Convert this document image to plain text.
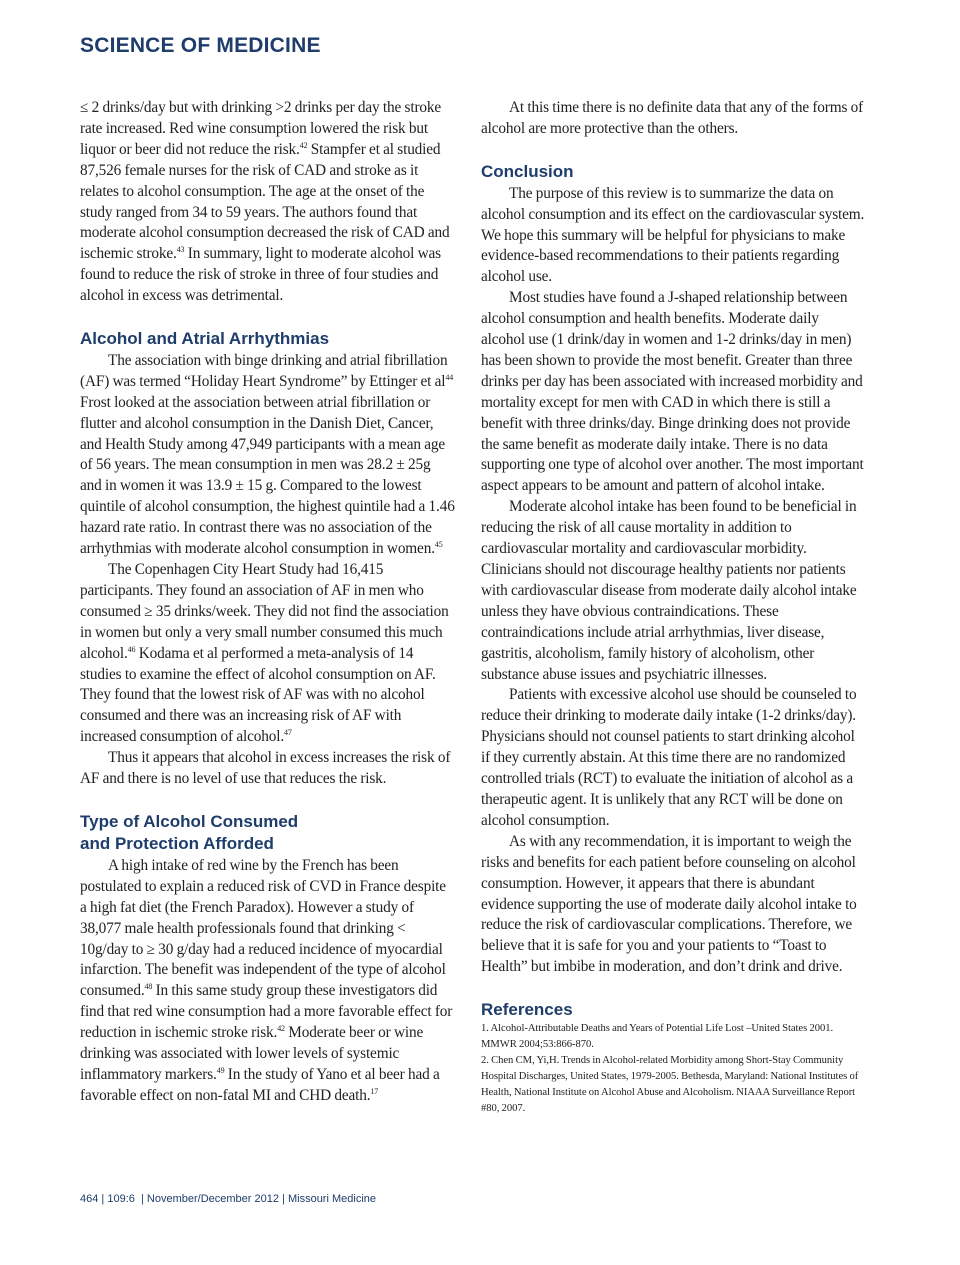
SCIENCE OF MEDICINE

≤ 2 drinks/day but with drinking >2 drinks per day the stroke rate increased. Red wine consumption lowered the risk but liquor or beer did not reduce the risk.$^{42}$ Stampfer et al studied 87,526 female nurses for the risk of CAD and stroke as it relates to alcohol consumption. The age at the onset of the study ranged from 34 to 59 years. The authors found that moderate alcohol consumption decreased the risk of CAD and ischemic stroke.$^{43}$ In summary, light to moderate alcohol was found to reduce the risk of stroke in three of four studies and alcohol in excess was detrimental.

Alcohol and Atrial Arrhythmias

The association with binge drinking and atrial fibrillation (AF) was termed “Holiday Heart Syndrome” by Ettinger et $al^{44}$ Frost looked at the association between atrial fibrillation or flutter and alcohol consumption in the Danish Diet, Cancer, and Health Study among 47,949 participants with a mean age of 56 years. The mean consumption in men was 28.2 ± 25g and in women it was 13.9 ± 15 g. Compared to the lowest quintile of alcohol consumption, the highest quintile had a 1.46 hazard rate ratio. In contrast there was no association of the arrhythmias with moderate alcohol consumption in women.$^{45}$

The Copenhagen City Heart Study had 16,415 participants. They found an association of AF in men who consumed ≥ 35 drinks/week. They did not find the association in women but only a very small number consumed this much alcohol.$^{46}$ Kodama et al performed a meta-analysis of 14 studies to examine the effect of alcohol consumption on AF. They found that the lowest risk of AF was with no alcohol consumed and there was an increasing risk of AF with increased consumption of alcohol.$^{47}$

Thus it appears that alcohol in excess increases the risk of AF and there is no level of use that reduces the risk.

Type of Alcohol Consumed
and Protection Afforded

A high intake of red wine by the French has been postulated to explain a reduced risk of CVD in France despite a high fat diet (the French Paradox). However a study of 38,077 male health professionals found that drinking < 10g/day to ≥ 30 g/day had a reduced incidence of myocardial infarction. The benefit was independent of the type of alcohol consumed.$^{48}$ In this same study group these investigators did find that red wine consumption had a more favorable effect for reduction in ischemic stroke risk.$^{42}$ Moderate beer or wine drinking was associated with lower levels of systemic inflammatory markers.$^{49}$ In the study of Yano et al beer had a favorable effect on non-fatal MI and CHD death.$^{17}$

At this time there is no definite data that any of the forms of alcohol are more protective than the others.

Conclusion

The purpose of this review is to summarize the data on alcohol consumption and its effect on the cardiovascular system. We hope this summary will be helpful for physicians to make evidence-based recommendations to their patients regarding alcohol use.

Most studies have found a J-shaped relationship between alcohol consumption and health benefits. Moderate daily alcohol use (1 drink/day in women and 1-2 drinks/day in men) has been shown to provide the most benefit. Greater than three drinks per day has been associated with increased morbidity and mortality except for men with CAD in which there is still a benefit with three drinks/day. Binge drinking does not provide the same benefit as moderate daily intake. There is no data supporting one type of alcohol over another. The most important aspect appears to be amount and pattern of alcohol intake.

Moderate alcohol intake has been found to be beneficial in reducing the risk of all cause mortality in addition to cardiovascular mortality and cardiovascular morbidity. Clinicians should not discourage healthy patients nor patients with cardiovascular disease from moderate daily alcohol intake unless they have obvious contraindications. These contraindications include atrial arrhythmias, liver disease, gastritis, alcoholism, family history of alcoholism, other substance abuse issues and psychiatric illnesses.

Patients with excessive alcohol use should be counseled to reduce their drinking to moderate daily intake (1-2 drinks/day). Physicians should not counsel patients to start drinking alcohol if they currently abstain. At this time there are no randomized controlled trials (RCT) to evaluate the initiation of alcohol as a therapeutic agent. It is unlikely that any RCT will be done on alcohol consumption.

As with any recommendation, it is important to weigh the risks and benefits for each patient before counseling on alcohol consumption. However, it appears that there is abundant evidence supporting the use of moderate daily alcohol intake to reduce the risk of cardiovascular complications. Therefore, we believe that it is safe for you and your patients to “Toast to Health” but imbibe in moderation, and don’t drink and drive.

References

1. Alcohol-Attributable Deaths and Years of Potential Life Lost –United States 2001. MMWR 2004;53:866-870.

2. Chen CM, Yi,H. Trends in Alcohol-related Morbidity among Short-Stay Community Hospital Discharges, United States, 1979-2005. Bethesda, Maryland: National Institutes of Health, National Institute on Alcohol Abuse and Alcoholism. NIAAA Surveillance Report #80, 2007.

464 | 109:6  | November/December 2012 | Missouri Medicine
